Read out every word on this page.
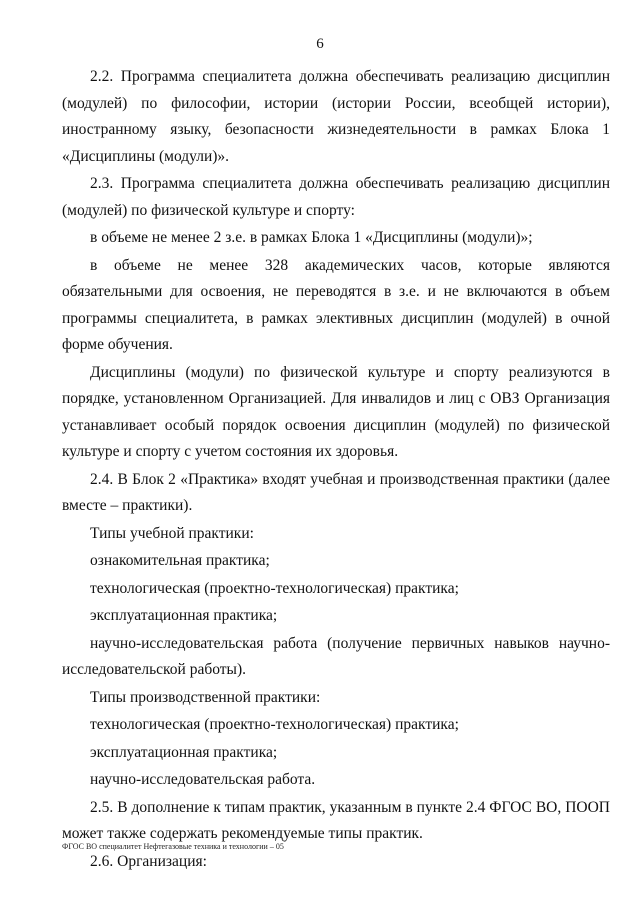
6

2.2. Программа специалитета должна обеспечивать реализацию дисциплин (модулей) по философии, истории (истории России, всеобщей истории), иностранному языку, безопасности жизнедеятельности в рамках Блока 1 «Дисциплины (модули)».

2.3. Программа специалитета должна обеспечивать реализацию дисциплин (модулей) по физической культуре и спорту:

в объеме не менее 2 з.е. в рамках Блока 1 «Дисциплины (модули)»;

в объеме не менее 328 академических часов, которые являются обязательными для освоения, не переводятся в з.е. и не включаются в объем программы специалитета, в рамках элективных дисциплин (модулей) в очной форме обучения.

Дисциплины (модули) по физической культуре и спорту реализуются в порядке, установленном Организацией. Для инвалидов и лиц с ОВЗ Организация устанавливает особый порядок освоения дисциплин (модулей) по физической культуре и спорту с учетом состояния их здоровья.

2.4. В Блок 2 «Практика» входят учебная и производственная практики (далее вместе – практики).

Типы учебной практики:

ознакомительная практика;

технологическая (проектно-технологическая) практика;

эксплуатационная практика;

научно-исследовательская работа (получение первичных навыков научно-исследовательской работы).

Типы производственной практики:

технологическая (проектно-технологическая) практика;

эксплуатационная практика;

научно-исследовательская работа.

2.5. В дополнение к типам практик, указанным в пункте 2.4 ФГОС ВО, ПООП может также содержать рекомендуемые типы практик.

2.6. Организация:

ФГОС ВО специалитет Нефтегазовые техника и технологии – 05
